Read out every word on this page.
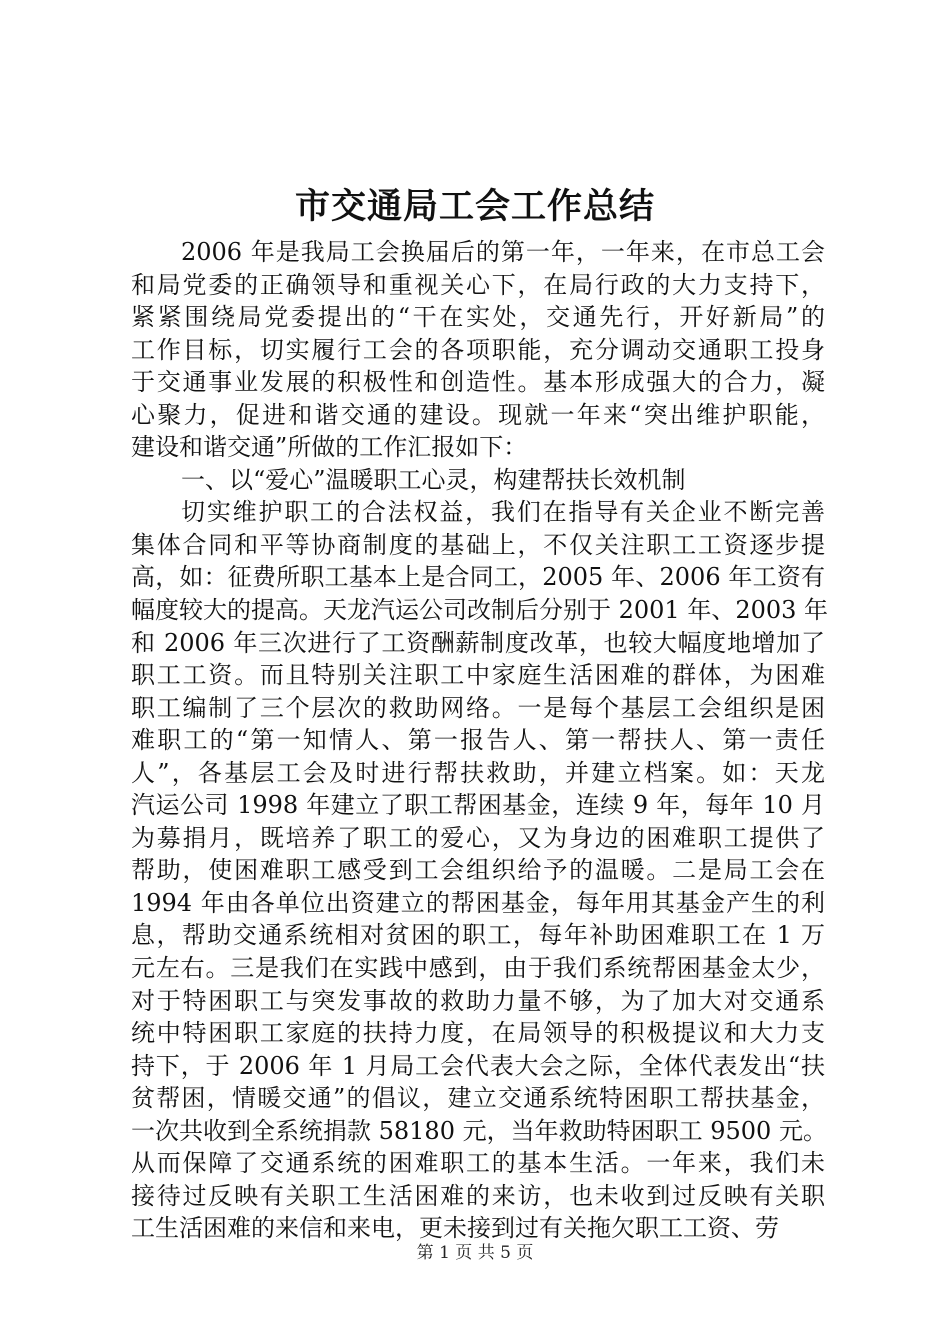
市交通局工会工作总结
2006 年是我局工会换届后的第一年，一年来，在市总工会
和局党委的正确领导和重视关心下，在局行政的大力支持下，
紧紧围绕局党委提出的“干在实处，交通先行，开好新局”的
工作目标，切实履行工会的各项职能，充分调动交通职工投身
于交通事业发展的积极性和创造性。基本形成强大的合力，凝
心聚力，促进和谐交通的建设。现就一年来“突出维护职能，
建设和谐交通”所做的工作汇报如下：
一、以“爱心”温暖职工心灵，构建帮扶长效机制
切实维护职工的合法权益，我们在指导有关企业不断完善
集体合同和平等协商制度的基础上，不仅关注职工工资逐步提
高，如：征费所职工基本上是合同工，2005 年、2006 年工资有
幅度较大的提高。天龙汽运公司改制后分别于 2001 年、2003 年
和 2006 年三次进行了工资酬薪制度改革，也较大幅度地增加了
职工工资。而且特别关注职工中家庭生活困难的群体，为困难
职工编制了三个层次的救助网络。一是每个基层工会组织是困
难职工的“第一知情人、第一报告人、第一帮扶人、第一责任
人”，各基层工会及时进行帮扶救助，并建立档案。如：天龙
汽运公司 1998 年建立了职工帮困基金，连续 9 年，每年 10 月
为募捐月，既培养了职工的爱心，又为身边的困难职工提供了
帮助，使困难职工感受到工会组织给予的温暖。二是局工会在
1994 年由各单位出资建立的帮困基金，每年用其基金产生的利
息，帮助交通系统相对贫困的职工，每年补助困难职工在 1 万
元左右。三是我们在实践中感到，由于我们系统帮困基金太少，
对于特困职工与突发事故的救助力量不够，为了加大对交通系
统中特困职工家庭的扶持力度，在局领导的积极提议和大力支
持下，于 2006 年 1 月局工会代表大会之际，全体代表发出“扶
贫帮困，情暖交通”的倡议，建立交通系统特困职工帮扶基金，
一次共收到全系统捐款 58180 元，当年救助特困职工 9500 元。
从而保障了交通系统的困难职工的基本生活。一年来，我们未
接待过反映有关职工生活困难的来访，也未收到过反映有关职
工生活困难的来信和来电，更未接到过有关拖欠职工工资、劳
第 1 页 共 5 页
